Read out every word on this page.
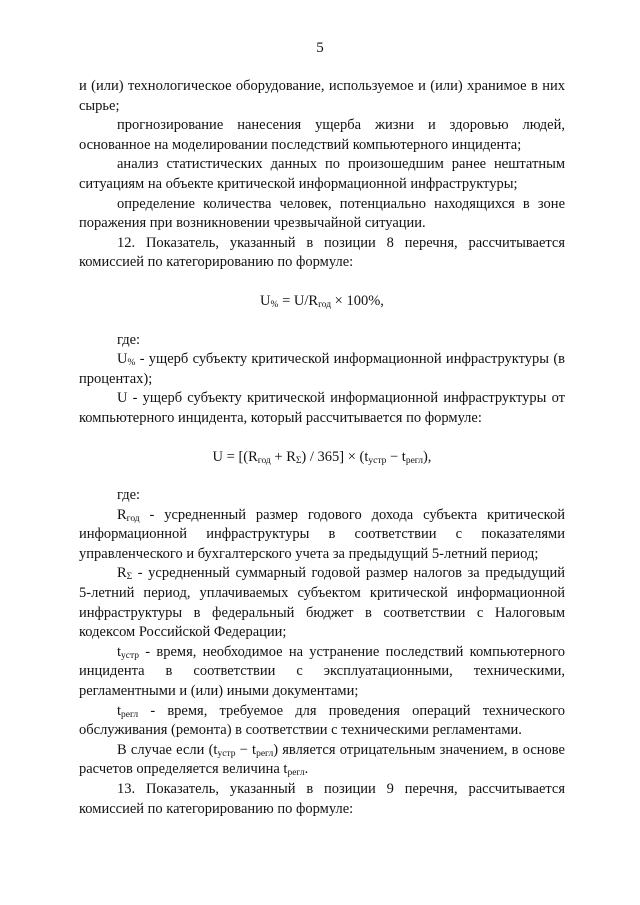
5

и (или) технологическое оборудование, используемое и (или) хранимое в них сырье;

прогнозирование нанесения ущерба жизни и здоровью людей, основанное на моделировании последствий компьютерного инцидента;

анализ статистических данных по произошедшим ранее нештатным ситуациям на объекте критической информационной инфраструктуры;

определение количества человек, потенциально находящихся в зоне поражения при возникновении чрезвычайной ситуации.

12. Показатель, указанный в позиции 8 перечня, рассчитывается комиссией по категорированию по формуле:

$U_{\%} = U/R_{год} \times 100\%$,

где:

$U_{\%}$ - ущерб субъекту критической информационной инфраструктуры (в процентах);

U - ущерб субъекту критической информационной инфраструктуры от компьютерного инцидента, который рассчитывается по формуле:

$U = [(R_{год} + R_\Sigma) / 365] \times (t_{устр} - t_{регл})$,

где:

$R_{год}$ - усредненный размер годового дохода субъекта критической информационной инфраструктуры в соответствии с показателями управленческого и бухгалтерского учета за предыдущий 5-летний период;

$R_\Sigma$ - усредненный суммарный годовой размер налогов за предыдущий 5-летний период, уплачиваемых субъектом критической информационной инфраструктуры в федеральный бюджет в соответствии с Налоговым кодексом Российской Федерации;

$t_{устр}$ - время, необходимое на устранение последствий компьютерного инцидента в соответствии с эксплуатационными, техническими, регламентными и (или) иными документами;

$t_{регл}$ - время, требуемое для проведения операций технического обслуживания (ремонта) в соответствии с техническими регламентами.

В случае если $(t_{устр} - t_{регл})$ является отрицательным значением, в основе расчетов определяется величина $t_{регл}$.

13. Показатель, указанный в позиции 9 перечня, рассчитывается комиссией по категорированию по формуле:
